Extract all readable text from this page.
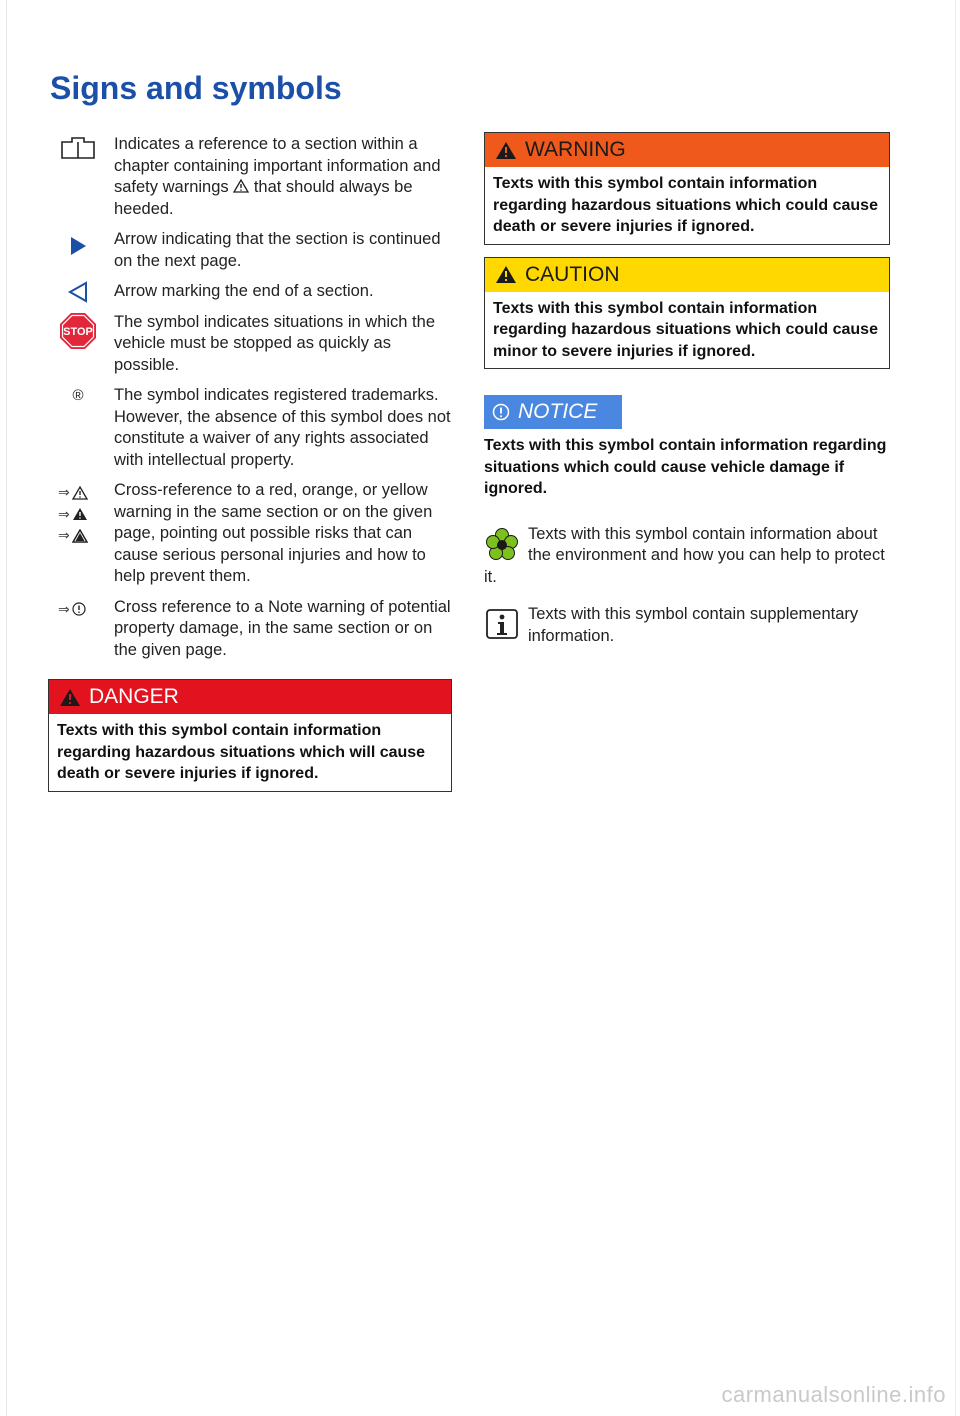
Signs and symbols

Indicates a reference to a section within a chapter containing important information and safety warnings that should always be heeded.

Arrow indicating that the section is continued on the next page.

Arrow marking the end of a section.

STOP

The symbol indicates situations in which the vehicle must be stopped as quickly as possible.

® The symbol indicates registered trademarks. However, the absence of this symbol does not constitute a waiver of any rights associated with intellectual property.

⇒
⇒
⇒

Cross-reference to a red, orange, or yellow warning in the same section or on the given page, pointing out possible risks that can cause serious personal injuries and how to help prevent them.

⇒	Cross reference to a Note warning of potential property damage, in the same section or on the given page.

DANGER
Texts with this symbol contain information regarding hazardous situations which will cause death or severe injuries if ignored.
WARNING
Texts with this symbol contain information regarding hazardous situations which could cause death or severe injuries if ignored.
CAUTION
Texts with this symbol contain information regarding hazardous situations which could cause minor to severe injuries if ignored.
NOTICE
Texts with this symbol contain information regarding situations which could cause vehicle damage if ignored.

Texts with this symbol contain information about the environment and how you can help to protect it.

Texts with this symbol contain supplementary information.

carmanualsonline.info
